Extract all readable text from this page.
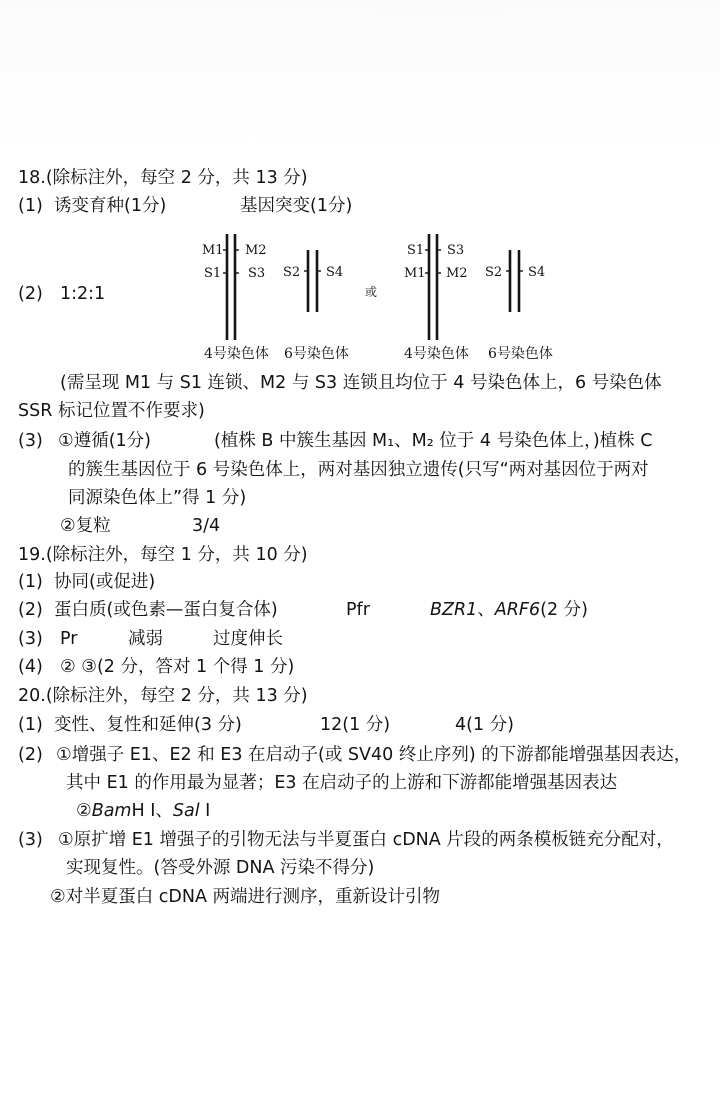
18.(除标注外，每空 2 分，共 13 分)
(1) 诱变育种(1分)	基因突变(1分)
(2) 1:2:1
M1
S1
M2
S3 S2 S4
4号染色体 6号染色体
或
S1
M1
S3
M2 S2 S4
4号染色体 6号染色体
(需呈现 M1 与 S1 连锁、M2 与 S3 连锁且均位于 4 号染色体上，6 号染色体
SSR 标记位置不作要求)
(3) ①遵循(1分)	(植株 B 中簇生基因 M₁、M₂ 位于 4 号染色体上，)植株 C
的簇生基因位于 6 号染色体上，两对基因独立遗传(只写“两对基因位于两对
同源染色体上”得 1 分)
②复粒	3/4
19.(除标注外，每空 1 分，共 10 分)
(1) 协同(或促进)
(2) 蛋白质(或色素—蛋白复合体)	Pfr	BZR1、ARF6(2 分)
(3) Pr	减弱	过度伸长
(4) ② ③(2 分，答对 1 个得 1 分)
20.(除标注外，每空 2 分，共 13 分)
(1) 变性、复性和延伸(3 分)	12(1 分)	4(1 分)
(2) ①增强子 E1、E2 和 E3 在启动子(或 SV40 终止序列) 的下游都能增强基因表达，
其中 E1 的作用最为显著；E3 在启动子的上游和下游都能增强基因表达
②BamH Ⅰ、Sal Ⅰ
(3) ①原扩增 E1 增强子的引物无法与半夏蛋白 cDNA 片段的两条模板链充分配对，
实现复性。(答受外源 DNA 污染不得分)
②对半夏蛋白 cDNA 两端进行测序，重新设计引物
